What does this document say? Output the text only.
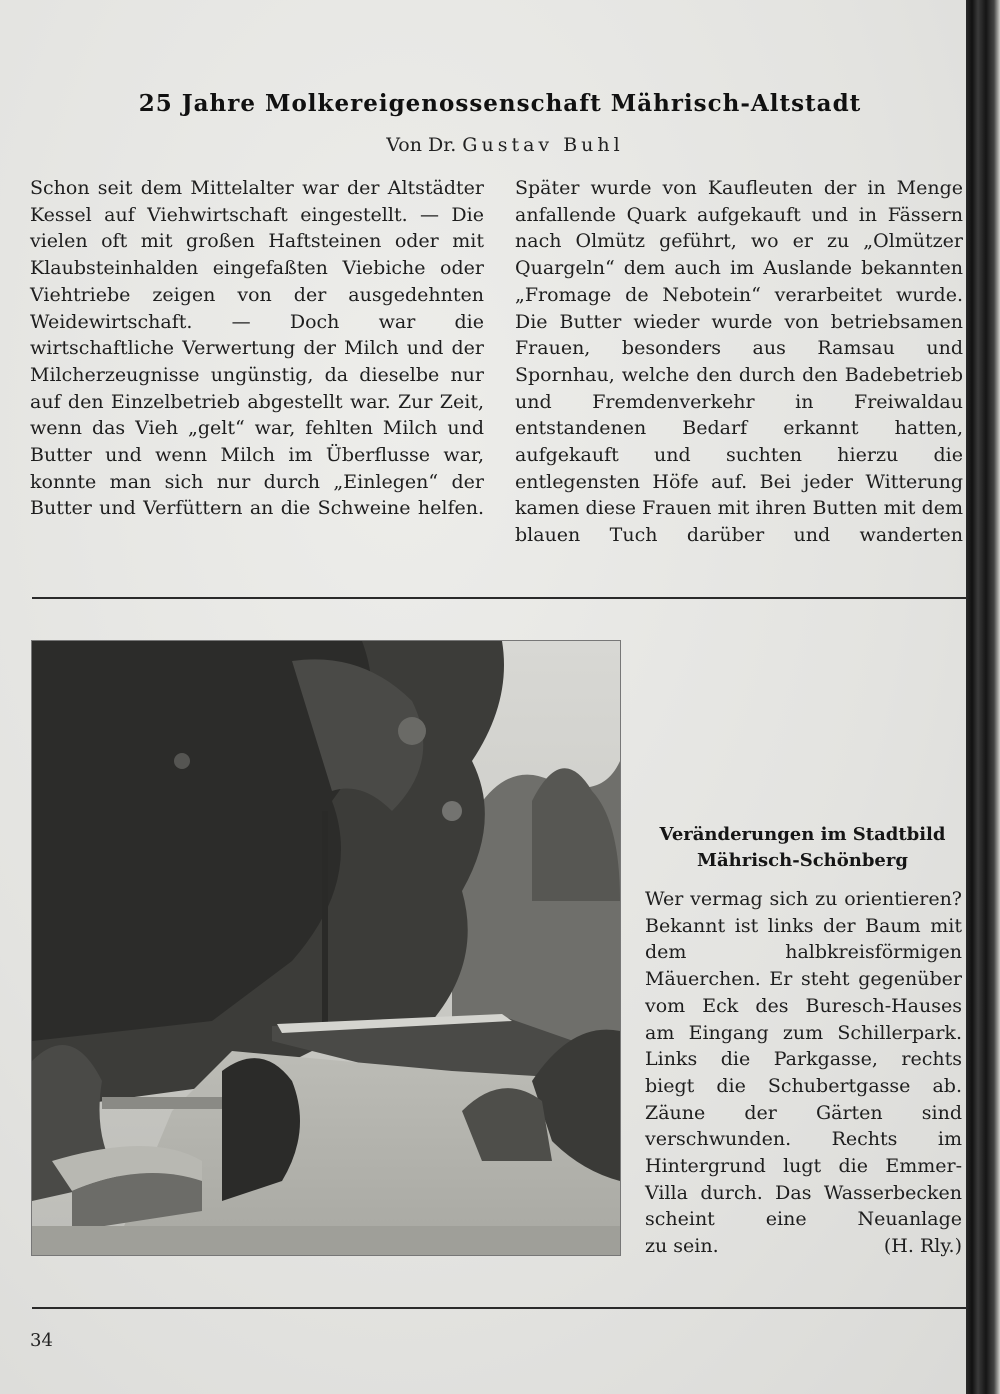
25 Jahre Molkereigenossenschaft Mährisch-Altstadt
Von Dr. Gustav Buhl

Schon seit dem Mittelalter war der Altstädter Kessel auf Viehwirtschaft eingestellt. — Die vielen oft mit großen Haftsteinen oder mit Klaubsteinhalden eingefaßten Viebiche oder Viehtriebe zeigen von der ausgedehnten Weidewirtschaft. — Doch war die wirtschaftliche Verwertung der Milch und der Milcherzeugnisse ungünstig, da dieselbe nur auf den Einzelbetrieb abgestellt war. Zur Zeit, wenn das Vieh „gelt“ war, fehlten Milch und Butter und wenn Milch im Überflusse war, konnte man sich nur durch „Einlegen“ der Butter und Verfüttern an die Schweine helfen.

Später wurde von Kaufleuten der in Menge anfallende Quark aufgekauft und in Fässern nach Olmütz geführt, wo er zu „Olmützer Quargeln“ dem auch im Auslande bekannten „Fromage de Nebotein“ verarbeitet wurde. Die Butter wieder wurde von betriebsamen Frauen, besonders aus Ramsau und Spornhau, welche den durch den Badebetrieb und Fremdenverkehr in Freiwaldau entstandenen Bedarf erkannt hatten, aufgekauft und suchten hierzu die entlegensten Höfe auf. Bei jeder Witterung kamen diese Frauen mit ihren Butten mit dem blauen Tuch darüber und wanderten

Veränderungen im Stadtbild
Mährisch-Schönberg
Wer vermag sich zu orientieren? Bekannt ist links der Baum mit dem halbkreisförmigen Mäuerchen. Er steht gegenüber vom Eck des Buresch-Hauses am Eingang zum Schillerpark. Links die Parkgasse, rechts biegt die Schubertgasse ab. Zäune der Gärten sind verschwunden. Rechts im Hintergrund lugt die Emmer-Villa durch. Das Wasserbecken scheint eine Neuanlage
zu sein.	(H. Rly.)
34
